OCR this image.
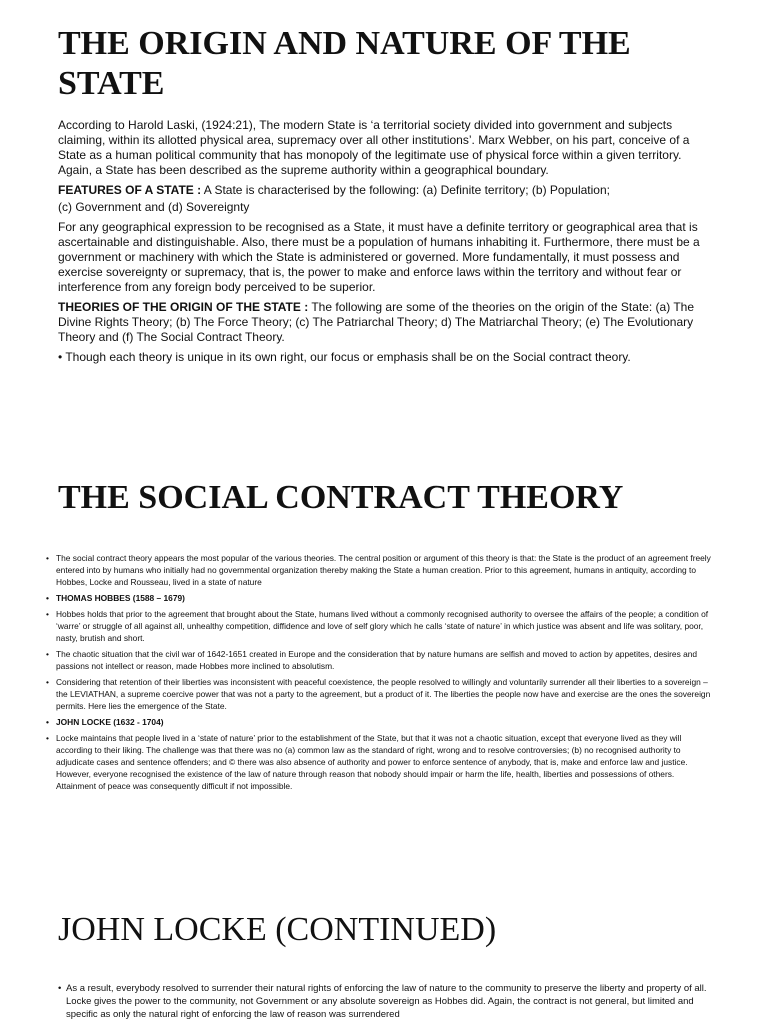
THE ORIGIN AND NATURE OF THE STATE

According to Harold Laski, (1924:21), The modern State is ‘a territorial society divided into government and subjects claiming, within its allotted physical area, supremacy over all other institutions’. Marx Webber, on his part, conceive of a State as a human political community that has monopoly of the legitimate use of physical force within a given territory. Again, a State has been described as the supreme authority within a geographical boundary.

FEATURES OF A STATE : A State is characterised by the following: (a) Definite territory; (b) Population;

(c) Government and (d) Sovereignty

For any geographical expression to be recognised as a State, it must have a definite territory or geographical area that is ascertainable and distinguishable. Also, there must be a population of humans inhabiting it. Furthermore, there must be a government or machinery with which the State is administered or governed. More fundamentally, it must possess and exercise sovereignty or supremacy, that is, the power to make and enforce laws within the territory and without fear or interference from any foreign body perceived to be superior.

THEORIES OF THE ORIGIN OF THE STATE : The following are some of the theories on the origin of the State: (a) The Divine Rights Theory; (b) The Force Theory; (c) The Patriarchal Theory; d) The Matriarchal Theory; (e) The Evolutionary Theory and (f) The Social Contract Theory.

• Though each theory is unique in its own right, our focus or emphasis shall be on the Social contract theory.

THE SOCIAL CONTRACT THEORY
• The social contract theory appears the most popular of the various theories. The central position or argument of this theory is that: the State is the product of an agreement freely entered into by humans who initially had no governmental organization thereby making the State a human creation. Prior to this agreement, humans in antiquity, according to Hobbes, Locke and Rousseau, lived in a state of nature
• THOMAS HOBBES (1588 – 1679)
• Hobbes holds that prior to the agreement that brought about the State, humans lived without a commonly recognised authority to oversee the affairs of the people; a condition of ‘warre’ or struggle of all against all, unhealthy competition, diffidence and love of self glory which he calls ‘state of nature’ in which justice was absent and life was solitary, poor, nasty, brutish and short.
• The chaotic situation that the civil war of 1642-1651 created in Europe and the consideration that by nature humans are selfish and moved to action by appetites, desires and passions not intellect or reason, made Hobbes more inclined to absolutism.
• Considering that retention of their liberties was inconsistent with peaceful coexistence, the people resolved to willingly and voluntarily surrender all their liberties to a sovereign – the LEVIATHAN, a supreme coercive power that was not a party to the agreement, but a product of it. The liberties the people now have and exercise are the ones the sovereign permits. Here lies the emergence of the State.
• JOHN LOCKE (1632 - 1704)
• Locke maintains that people lived in a ‘state of nature’ prior to the establishment of the State, but that it was not a chaotic situation, except that everyone lived as they will according to their liking. The challenge was that there was no (a) common law as the standard of right, wrong and to resolve controversies; (b) no recognised authority to adjudicate cases and sentence offenders; and © there was also absence of authority and power to enforce sentence of anybody, that is, make and enforce law and justice. However, everyone recognised the existence of the law of nature through reason that nobody should impair or harm the life, health, liberties and possessions of others. Attainment of peace was consequently difficult if not impossible.
JOHN LOCKE (CONTINUED)
• As a result, everybody resolved to surrender their natural rights of enforcing the law of nature to the community to preserve the liberty and property of all. Locke gives the power to the community, not Government or any absolute sovereign as Hobbes did. Again, the contract is not general, but limited and specific as only the natural right of enforcing the law of reason was surrendered
